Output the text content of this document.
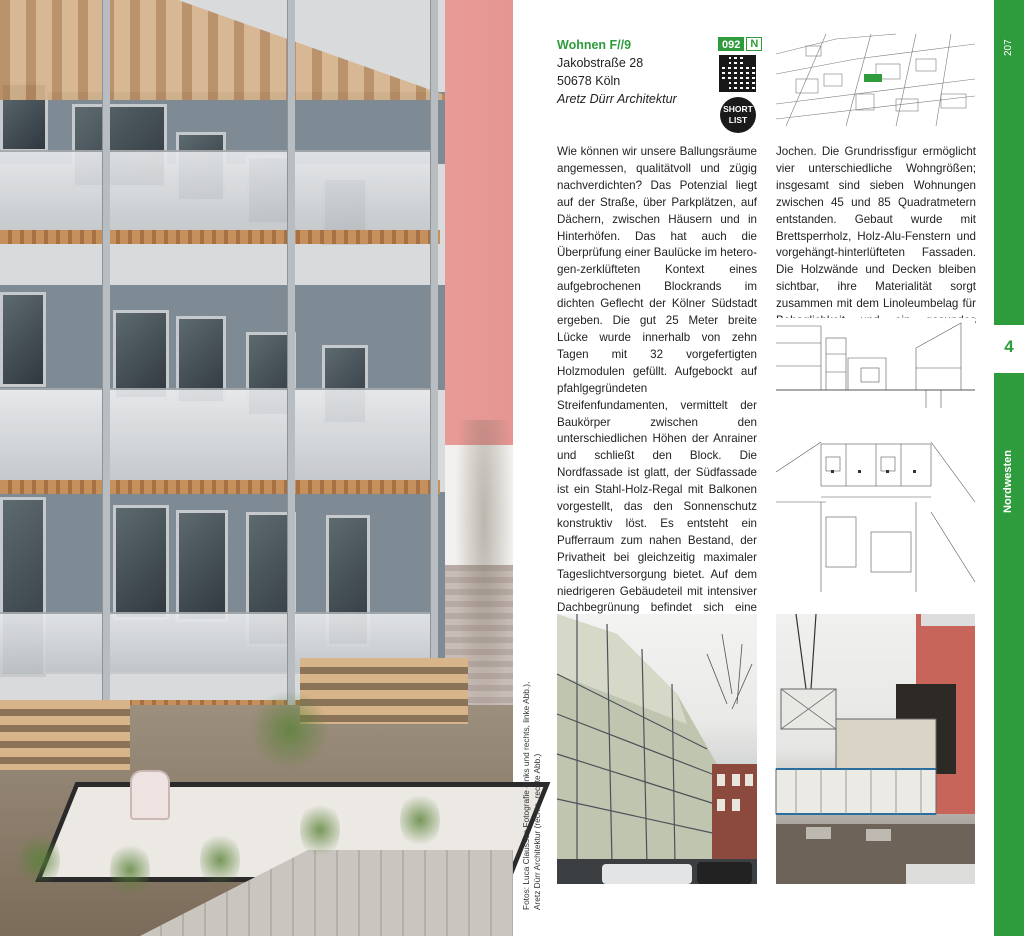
Fotos: Luca Claussen Fotografie (links und rechts, linke Abb.), Aretz Dürr Architektur (rechts, rechte Abb.)
Wohnen F//9
Jakobstraße 28
50678 Köln
Aretz Dürr Architektur
092 N
SHORT
LIST
Wie können wir unsere Ballungsräume angemessen, qualitätvoll und zügig nachverdichten? Das Potenzial liegt auf der Straße, über Parkplätzen, auf Dächern, zwischen Häusern und in Hinterhöfen. Das hat auch die Überprüfung einer Baulücke im heterogen-zerklüfteten Kontext eines aufgebrochenen Blockrands im dichten Geflecht der Kölner Südstadt ergeben. Die gut 25 Meter breite Lücke wurde innerhalb von zehn Tagen mit 32 vorgefertigten Holzmodulen gefüllt. Aufgebockt auf pfahlgegründeten Streifenfundamenten, vermittelt der Baukörper zwischen den unterschiedlichen Höhen der Anrainer und schließt den Block. Die Nordfassade ist glatt, der Südfassade ist ein Stahl-Holz-Regal mit Balkonen vorgestellt, das den Sonnenschutz konstruktiv löst. Es entsteht ein Pufferraum zum nahen Bestand, der Privatheit bei gleichzeitig maximaler Tageslichtversorgung bietet. Auf dem niedrigeren Gebäudeteil mit intensiver Dachbegrünung befindet sich eine
Jochen. Die Grundrissfigur ermöglicht vier unterschiedliche Wohngrößen; insgesamt sind sieben Wohnungen zwischen 45 und 85 Quadratmetern entstanden. Gebaut wurde mit Brettsperrholz, Holz-Alu-Fenstern und vorgehängt-hinterlüfteten Fassaden. Die Holzwände und Decken bleiben sichtbar, ihre Materialität sorgt zusammen mit dem Linoleumbelag für Behaglichkeit und ein gesundes Wohnklima.
207
4
Nordwesten
